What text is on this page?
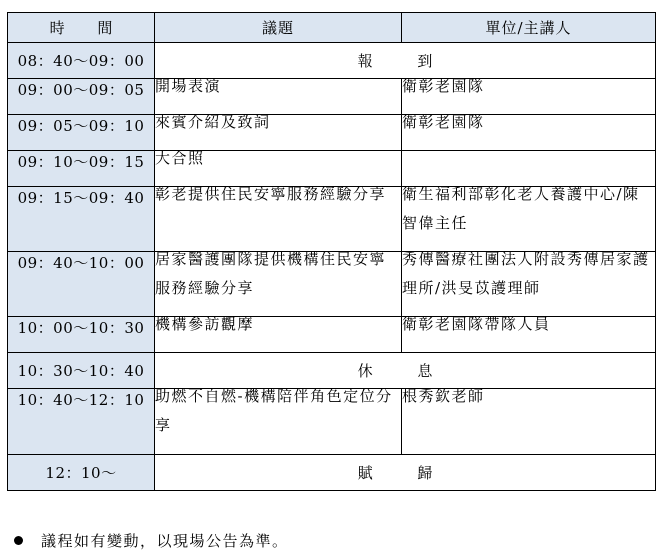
時 間	議題	單位/主講人
08：40～09：00	報 到	
09：00～09：05	開場表演	衛彰老園隊

09：05～09：10	來賓介紹及致詞	衛彰老園隊

09：10～09：15	大合照	

09：15～09：40	彰老提供住民安寧服務經驗分享	衛生福利部彰化老人養護中心/陳智偉主任

09：40～10：00	居家醫護團隊提供機構住民安寧服務經驗分享	秀傳醫療社團法人附設秀傳居家護理所/洪旻苡護理師

10：00～10：30	機構參訪觀摩	衛彰老園隊帶隊人員

10：30～10：40	休 息	
10：40～12：10	助燃不自燃-機構陪伴角色定位分享	根秀欽老師

12：10～	賦 歸	
議程如有變動，以現場公告為準。
